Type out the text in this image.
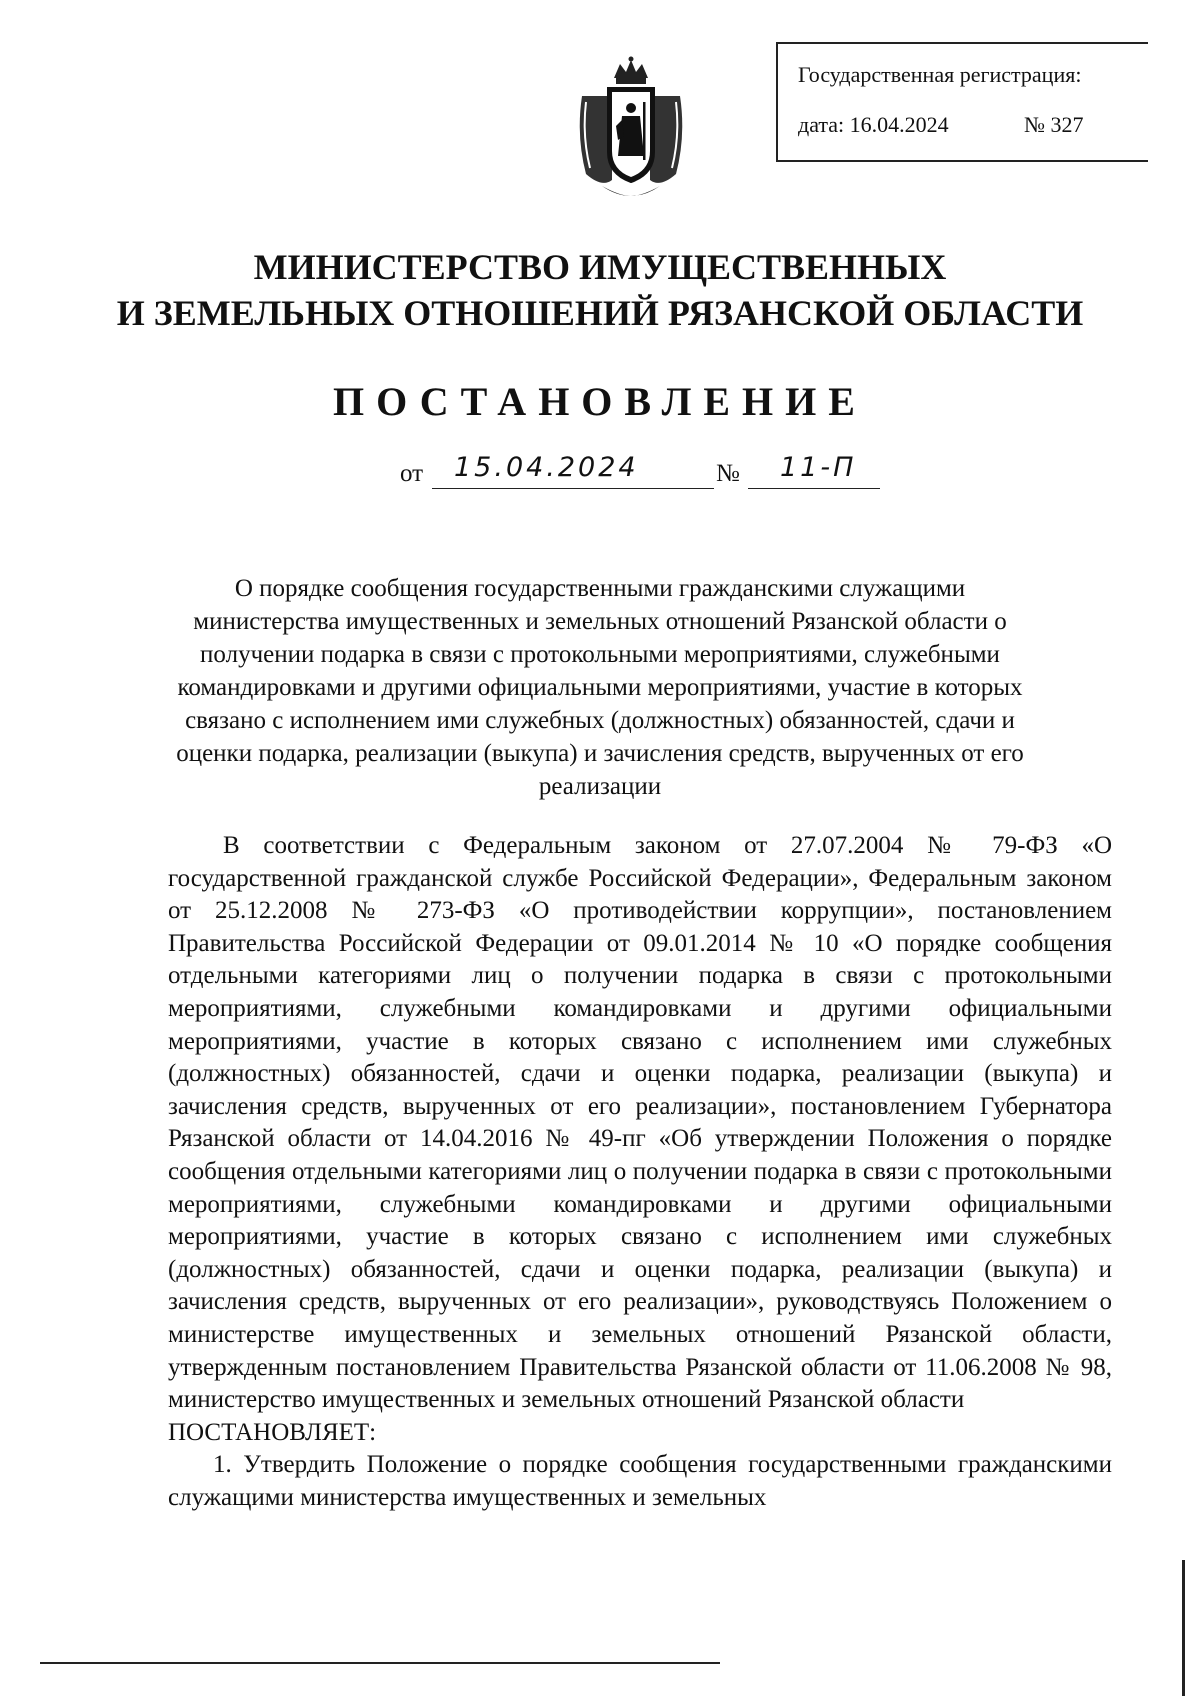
Государственная регистрация:
дата: 16.04.2024	№ 327
МИНИСТЕРСТВО ИМУЩЕСТВЕННЫХ
И ЗЕМЕЛЬНЫХ ОТНОШЕНИЙ РЯЗАНСКОЙ ОБЛАСТИ
ПОСТАНОВЛЕНИЕ
от 15.04.2024	№ 11-П
О порядке сообщения государственными гражданскими служащими министерства имущественных и земельных отношений Рязанской области о получении подарка в связи с протокольными мероприятиями, служебными командировками и другими официальными мероприятиями, участие в которых связано с исполнением ими служебных (должностных) обязанностей, сдачи и оценки подарка, реализации (выкупа) и зачисления средств, вырученных от его реализации

В соответствии с Федеральным законом от 27.07.2004 № 79-ФЗ «О государственной гражданской службе Российской Федерации», Федеральным законом от 25.12.2008 № 273-ФЗ «О противодействии коррупции», постановлением Правительства Российской Федерации от 09.01.2014 № 10 «О порядке сообщения отдельными категориями лиц о получении подарка в связи с протокольными мероприятиями, служебными командировками и другими официальными мероприятиями, участие в которых связано с исполнением ими служебных (должностных) обязанностей, сдачи и оценки подарка, реализации (выкупа) и зачисления средств, вырученных от его реализации», постановлением Губернатора Рязанской области от 14.04.2016 № 49-пг «Об утверждении Положения о порядке сообщения отдельными категориями лиц о получении подарка в связи с протокольными мероприятиями, служебными командировками и другими официальными мероприятиями, участие в которых связано с исполнением ими служебных (должностных) обязанностей, сдачи и оценки подарка, реализации (выкупа) и зачисления средств, вырученных от его реализации», руководствуясь Положением о министерстве имущественных и земельных отношений Рязанской области, утвержденным постановлением Правительства Рязанской области от 11.06.2008 № 98, министерство имущественных и земельных отношений Рязанской области

ПОСТАНОВЛЯЕТ:

1. Утвердить Положение о порядке сообщения государственными гражданскими служащими министерства имущественных и земельных
